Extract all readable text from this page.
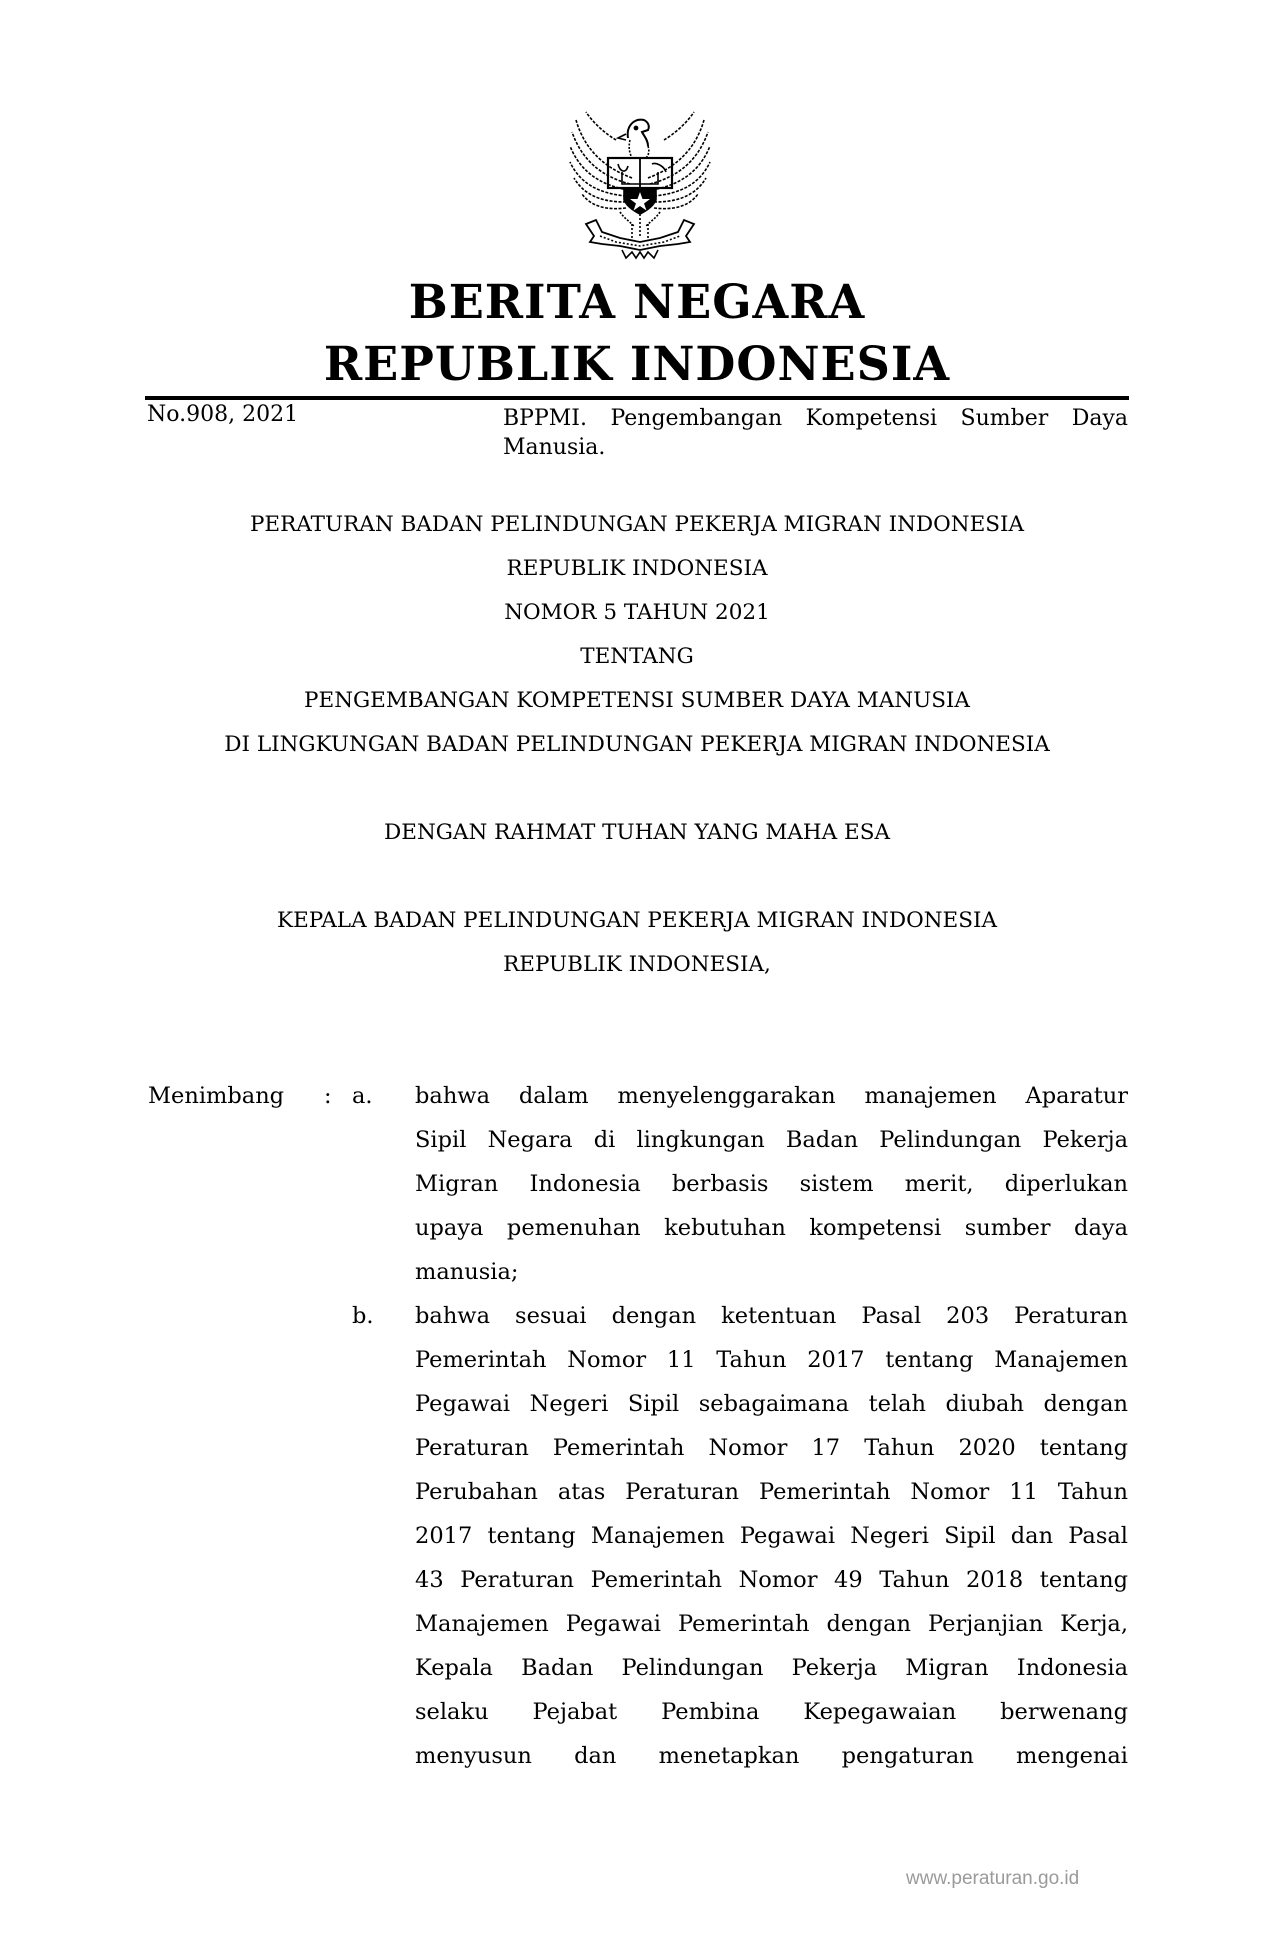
BERITA NEGARA
REPUBLIK INDONESIA
No.908, 2021	BPPMI. Pengembangan Kompetensi Sumber Daya Manusia.
PERATURAN BADAN PELINDUNGAN PEKERJA MIGRAN INDONESIA
REPUBLIK INDONESIA
NOMOR 5 TAHUN 2021
TENTANG
PENGEMBANGAN KOMPETENSI SUMBER DAYA MANUSIA
DI LINGKUNGAN BADAN PELINDUNGAN PEKERJA MIGRAN INDONESIA
DENGAN RAHMAT TUHAN YANG MAHA ESA
KEPALA BADAN PELINDUNGAN PEKERJA MIGRAN INDONESIA
REPUBLIK INDONESIA,
Menimbang : a. bahwa dalam menyelenggarakan manajemen Aparatur
Sipil Negara di lingkungan Badan Pelindungan Pekerja
Migran Indonesia berbasis sistem merit, diperlukan
upaya pemenuhan kebutuhan kompetensi sumber daya
manusia;
b. bahwa sesuai dengan ketentuan Pasal 203 Peraturan
Pemerintah Nomor 11 Tahun 2017 tentang Manajemen
Pegawai Negeri Sipil sebagaimana telah diubah dengan
Peraturan Pemerintah Nomor 17 Tahun 2020 tentang
Perubahan atas Peraturan Pemerintah Nomor 11 Tahun
2017 tentang Manajemen Pegawai Negeri Sipil dan Pasal
43 Peraturan Pemerintah Nomor 49 Tahun 2018 tentang
Manajemen Pegawai Pemerintah dengan Perjanjian Kerja,
Kepala Badan Pelindungan Pekerja Migran Indonesia
selaku Pejabat Pembina Kepegawaian berwenang
menyusun dan menetapkan pengaturan mengenai
www.peraturan.go.id
